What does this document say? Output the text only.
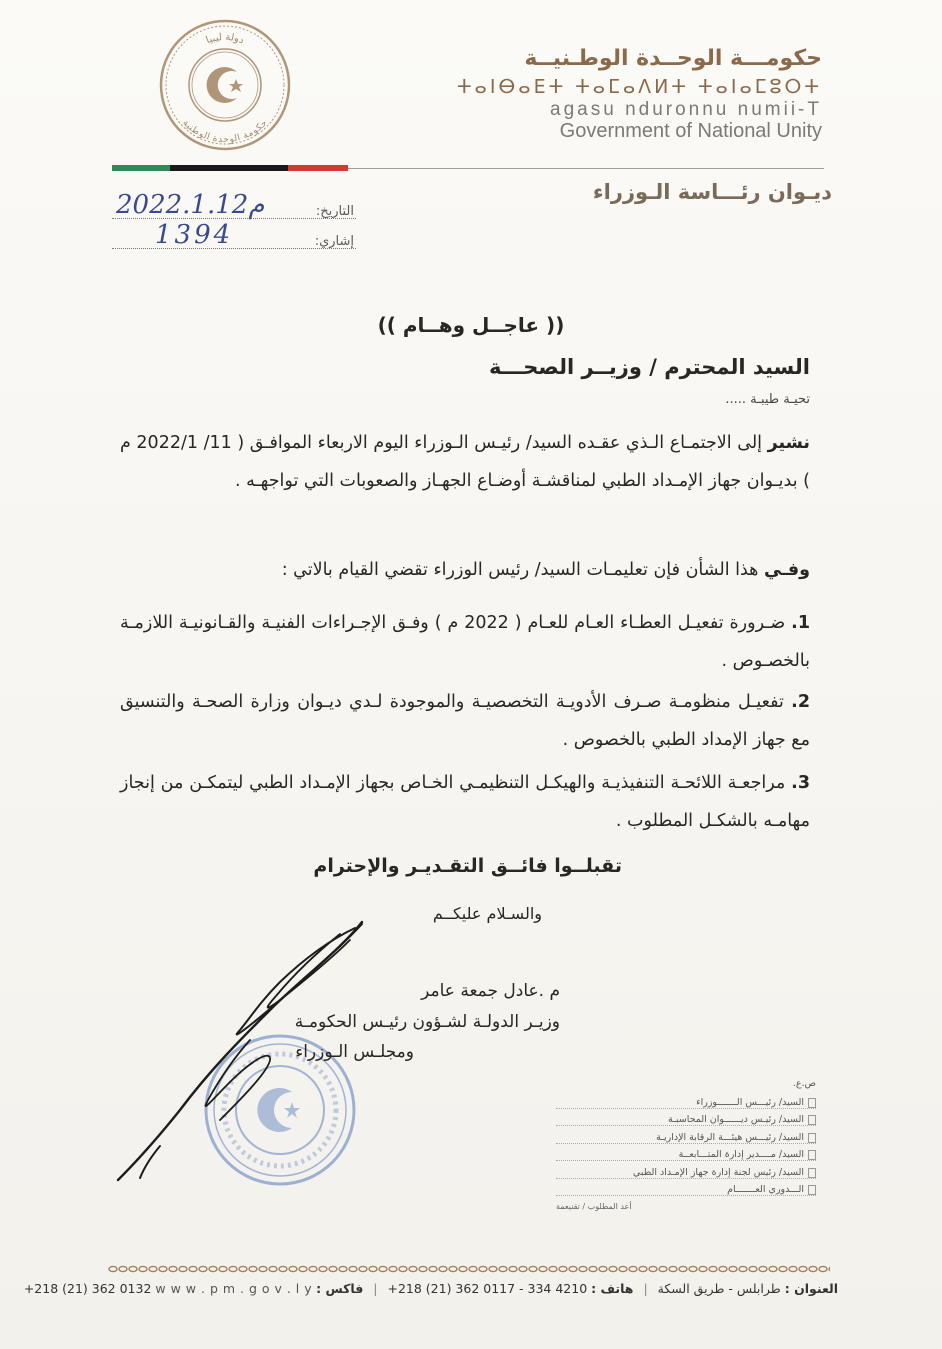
دولة ليبيا
حكومة الوحدة الوطنية
حكومـــة الوحــدة الوطـنيــة
ⵜⴰⵏⴱⴰⴹⵜ ⵜⴰⵎⴰⴷⵍⵜ ⵜⴰⵏⴰⵎⵓⵔⵜ
agasu nduronnu numii-T
Government of National Unity
ديـوان رئـــاسة الـوزراء
التاريخ:
2022.1.12م
إشاري:
1394
(( عاجــل وهــام ))
السيد المحترم / وزيــر الصحـــة
تحيـة طيبـة .....
نشير إلى الاجتمـاع الـذي عقـده السيد/ رئيـس الـوزراء اليوم الاربعاء الموافـق ( 11/ 2022/1 م ) بديـوان جهاز الإمـداد الطبي لمناقشـة أوضـاع الجهـاز والصعوبات التي تواجهـه .
وفـي هذا الشأن فإن تعليمـات السيد/ رئيس الوزراء تقضي القيام بالاتي :
1. ضـرورة تفعيـل العطـاء العـام للعـام ( 2022 م ) وفـق الإجـراءات الفنيـة والقـانونيـة اللازمـة بالخصـوص .
2. تفعيـل منظومـة صـرف الأدويـة التخصصيـة والموجودة لـدي ديـوان وزارة الصحـة والتنسيق مع جهاز الإمداد الطبي بالخصوص .
3. مراجعـة اللائحـة التنفيذيـة والهيكـل التنظيمـي الخـاص بجهاز الإمـداد الطبي ليتمكـن من إنجاز مهامـه بالشكـل المطلوب .
تقبلــوا فائــق التقـديـر والإحترام
والسـلام عليكــم
م .عادل جمعة عامر
وزيـر الدولـة لشـؤون رئيـس الحكومـة
ومجلـس الـوزراء
ص.ع.
السيد/ رئيـــس الـــــــوزراء
السيد/ رئيـس ديــــــوان المحاسبـة
السيد/ رئيـــس هيئـــة الرقابة الإداريـة
السيد/ مــــدير إدارة المتـــابعــة
السيد/ رئيس لجنة إدارة جهاز الإمـداد الطبي
الـــدوري العـــــــام
أعد المطلوب / تقنيعمة
العنوان : طرابلس - طريق السكة | هاتف : +218 (21) 362 0117 - 334 4210 | فاكس : +218 (21) 362 0132 w w w . p m . g o v . l y
